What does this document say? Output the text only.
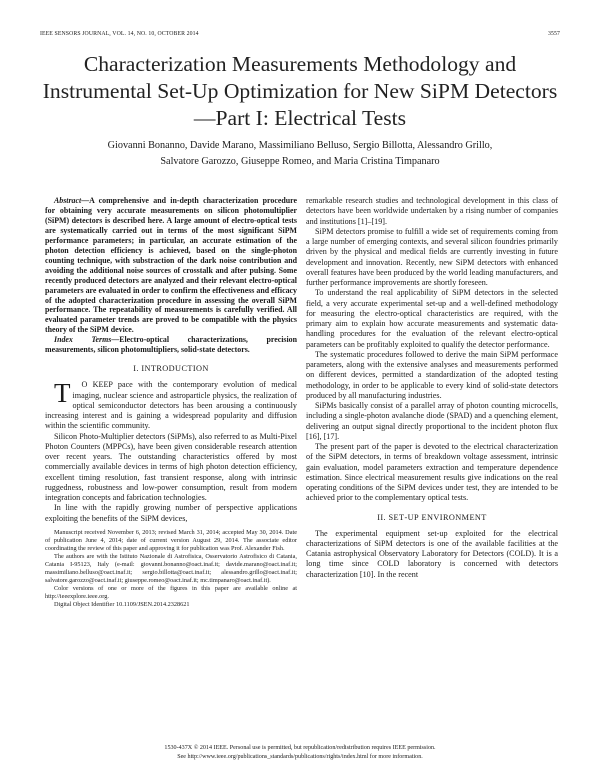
IEEE SENSORS JOURNAL, VOL. 14, NO. 10, OCTOBER 2014	3557
Characterization Measurements Methodology and Instrumental Set-Up Optimization for New SiPM Detectors—Part I: Electrical Tests
Giovanni Bonanno, Davide Marano, Massimiliano Belluso, Sergio Billotta, Alessandro Grillo,
Salvatore Garozzo, Giuseppe Romeo, and Maria Cristina Timpanaro

Abstract—A comprehensive and in-depth characterization procedure for obtaining very accurate measurements on silicon photomultiplier (SiPM) detectors is described here. A large amount of electro-optical tests are systematically carried out in terms of the most significant SiPM performance parameters; in particular, an accurate estimation of the photon detection efficiency is achieved, based on the single-photon counting technique, with substraction of the dark noise contribution and avoiding the additional noise sources of crosstalk and after pulsing. Some recently produced detectors are analyzed and their relevant electro-optical parameters are evaluated in order to confirm the effectiveness and efficacy of the adopted characterization procedure in assessing the overall SiPM performance. The repeatability of measurements is carefully verified. All evaluated parameter trends are proved to be compatible with the physics theory of the SiPM device.

Index Terms—Electro-optical characterizations, precision measurements, silicon photomultipliers, solid-state detectors.

I. INTRODUCTION

T O KEEP pace with the contemporary evolution of medical imaging, nuclear science and astroparticle physics, the realization of optical semiconductor detectors has been arousing a continuously increasing interest and is gaining a widespread popularity and diffusion within the scientific community.

Silicon Photo-Multiplier detectors (SiPMs), also referred to as Multi-Pixel Photon Counters (MPPCs), have been given considerable research attention over recent years. The outstanding characteristics offered by most commercially available devices in terms of high photon detection efficiency, excellent timing resolution, fast transient response, along with intrinsic ruggedness, robustness and low-power consumption, result from modern integration concepts and fabrication technologies.

In line with the rapidly growing number of perspective applications exploiting the benefits of the SiPM devices,

Manuscript received November 6, 2013; revised March 31, 2014; accepted May 30, 2014. Date of publication June 4, 2014; date of current version August 29, 2014. The associate editor coordinating the review of this paper and approving it for publication was Prof. Alexander Fish.

The authors are with the Istituto Nazionale di Astrofisica, Osservatorio Astrofisico di Catania, Catania I-95123, Italy (e-mail: giovanni.bonanno@oact.inaf.it; davide.marano@oact.inaf.it; massimiliano.belluso@oact.inaf.it; sergio.billotta@oact.inaf.it; alessandro.grillo@oact.inaf.it; salvatore.garozzo@oact.inaf.it; giuseppe.romeo@oact.inaf.it; mc.timpanaro@oact.inaf.it).

Color versions of one or more of the figures in this paper are available online at http://ieeexplore.ieee.org.

Digital Object Identifier 10.1109/JSEN.2014.2328621

remarkable research studies and technological development in this class of detectors have been worldwide undertaken by a rising number of companies and institutions [1]–[19].

SiPM detectors promise to fulfill a wide set of requirements coming from a large number of emerging contexts, and several silicon foundries primarily driven by the physical and medical fields are currently investing in future development and innovation. Recently, new SiPM detectors with enhanced overall features have been produced by the world leading manufacturers, and further performance improvements are shortly foreseen.

To understand the real applicability of SiPM detectors in the selected field, a very accurate experimental set-up and a well-defined methodology for measuring the electro-optical characteristics are required, with the primary aim to explain how accurate measurements and systematic data-handling procedures for the evaluation of the relevant electro-optical parameters can be profitably exploited to qualify the detector performance.

The systematic procedures followed to derive the main SiPM performace parameters, along with the extensive analyses and measurements performed on different devices, permitted a standardization of the adopted testing methodology, in order to be applicable to every kind of solid-state detectors produced by all manufacturing industries.

SiPMs basically consist of a parallel array of photon counting microcells, including a single-photon avalanche diode (SPAD) and a quenching element, delivering an output signal directly proportional to the incident photon flux [16], [17].

The present part of the paper is devoted to the electrical characterization of the SiPM detectors, in terms of breakdown voltage assessment, intrinsic gain evaluation, model parameters extraction and temperature dependence estimation. Since electrical measurement results give indications on the real operating conditions of the SiPM devices under test, they are intended to be achieved prior to the complementary optical tests.

II. SET-UP ENVIRONMENT

The experimental equipment set-up exploited for the electrical characterizations of SiPM detectors is one of the available facilities at the Catania astrophysical Observatory Laboratory for Detectors (COLD). It is a long time since COLD laboratory is concerned with detectors characterization [10]. In the recent

1530-437X © 2014 IEEE. Personal use is permitted, but republication/redistribution requires IEEE permission.
See http://www.ieee.org/publications_standards/publications/rights/index.html for more information.
